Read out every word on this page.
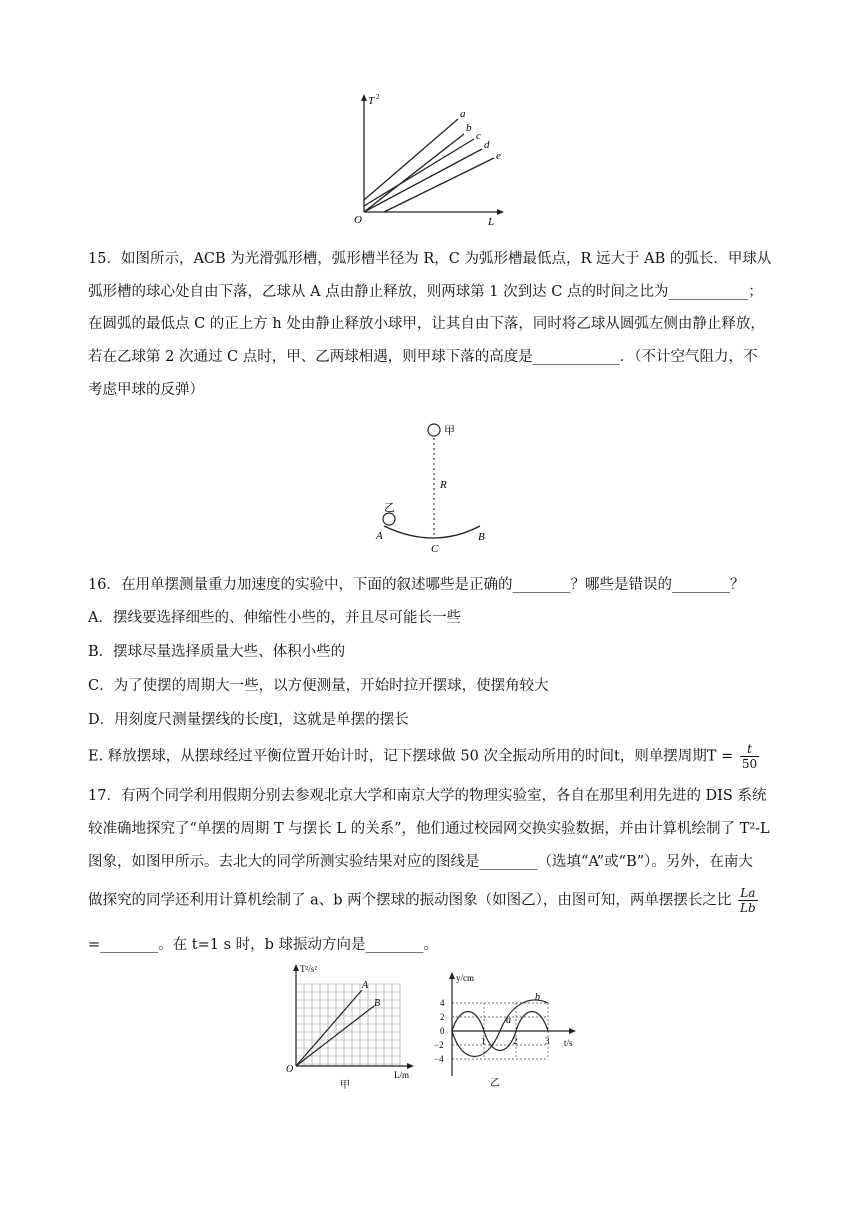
T 2
L
O
a
b
c
d
e
15．如图所示，ACB 为光滑弧形槽，弧形槽半径为 R，C 为弧形槽最低点，R 远大于 AB 的弧长．甲球从
弧形槽的球心处自由下落，乙球从 A 点由静止释放，则两球第 1 次到达 C 点的时间之比为___________；
在圆弧的最低点 C 的正上方 h 处由静止释放小球甲，让其自由下落，同时将乙球从圆弧左侧由静止释放，
若在乙球第 2 次通过 C 点时，甲、乙两球相遇，则甲球下落的高度是____________．（不计空气阻力，不
考虑甲球的反弹）
甲
R
乙
A	B
C
16．在用单摆测量重力加速度的实验中，下面的叙述哪些是正确的________？哪些是错误的________？
A．摆线要选择细些的、伸缩性小些的，并且尽可能长一些
B．摆球尽量选择质量大些、体积小些的
C．为了使摆的周期大一些，以方便测量，开始时拉开摆球，使摆角较大
D．用刻度尺测量摆线的长度l，这就是单摆的摆长
E. 释放摆球，从摆球经过平衡位置开始计时，记下摆球做 50 次全振动所用的时间t，则单摆周期$T = \frac{t}{50}$
17．有两个同学利用假期分别去参观北京大学和南京大学的物理实验室，各自在那里利用先进的 DIS 系统
较准确地探究了“单摆的周期 T 与摆长 L 的关系”，他们通过校园网交换实验数据，并由计算机绘制了 T²-L
图象，如图甲所示。去北大的同学所测实验结果对应的图线是________（选填“A”或“B”）。另外，在南大
做探究的同学还利用计算机绘制了 a、b 两个摆球的振动图象（如图乙），由图可知，两单摆摆长之比 $\frac{La}{Lb}$
=________。在 t=1 s 时，b 球振动方向是________。
T²/s²
L/m
O
A
B
甲
y/cm
t/s
4
2
0
−2
−4
1	2	3
a
b
乙
